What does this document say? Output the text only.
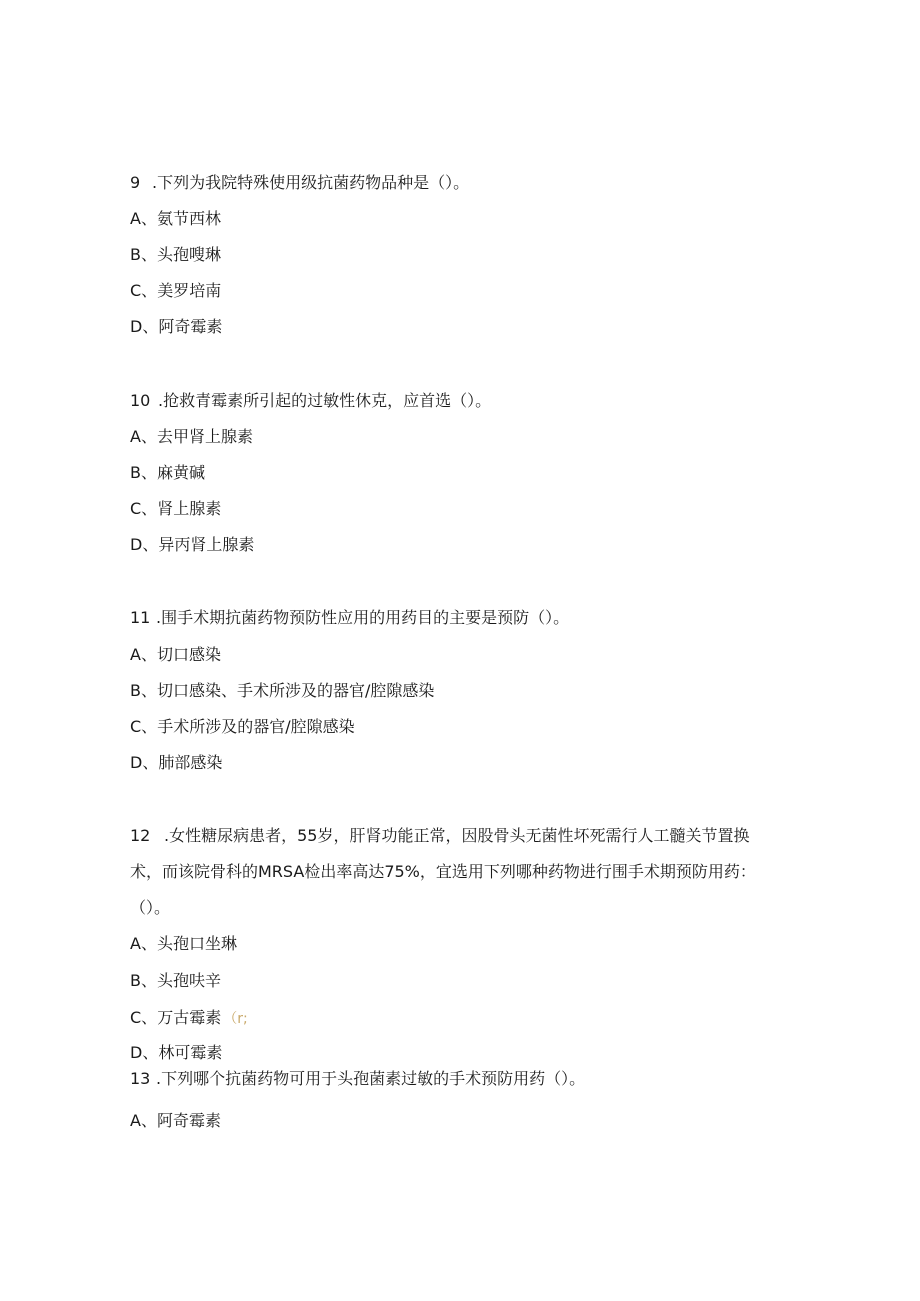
9 .下列为我院特殊使用级抗菌药物品种是（）。
A、氨节西林
B、头孢嗖琳
C、美罗培南
D、阿奇霉素
10 .抢救青霉素所引起的过敏性休克，应首选（）。
A、去甲肾上腺素
B、麻黄碱
C、肾上腺素
D、异丙肾上腺素
11 .围手术期抗菌药物预防性应用的用药目的主要是预防（）。
A、切口感染
B、切口感染、手术所涉及的器官/腔隙感染
C、手术所涉及的器官/腔隙感染
D、肺部感染
12 .女性糖尿病患者，55岁，肝肾功能正常，因股骨头无菌性坏死需行人工髓关节置换
术，而该院骨科的MRSA检出率高达75%，宜选用下列哪种药物进行围手术期预防用药：
（）。
A、头孢口坐琳
B、头孢呋辛
C、万古霉素 （r;
D、林可霉素
13 .下列哪个抗菌药物可用于头孢菌素过敏的手术预防用药（）。
A、阿奇霉素
